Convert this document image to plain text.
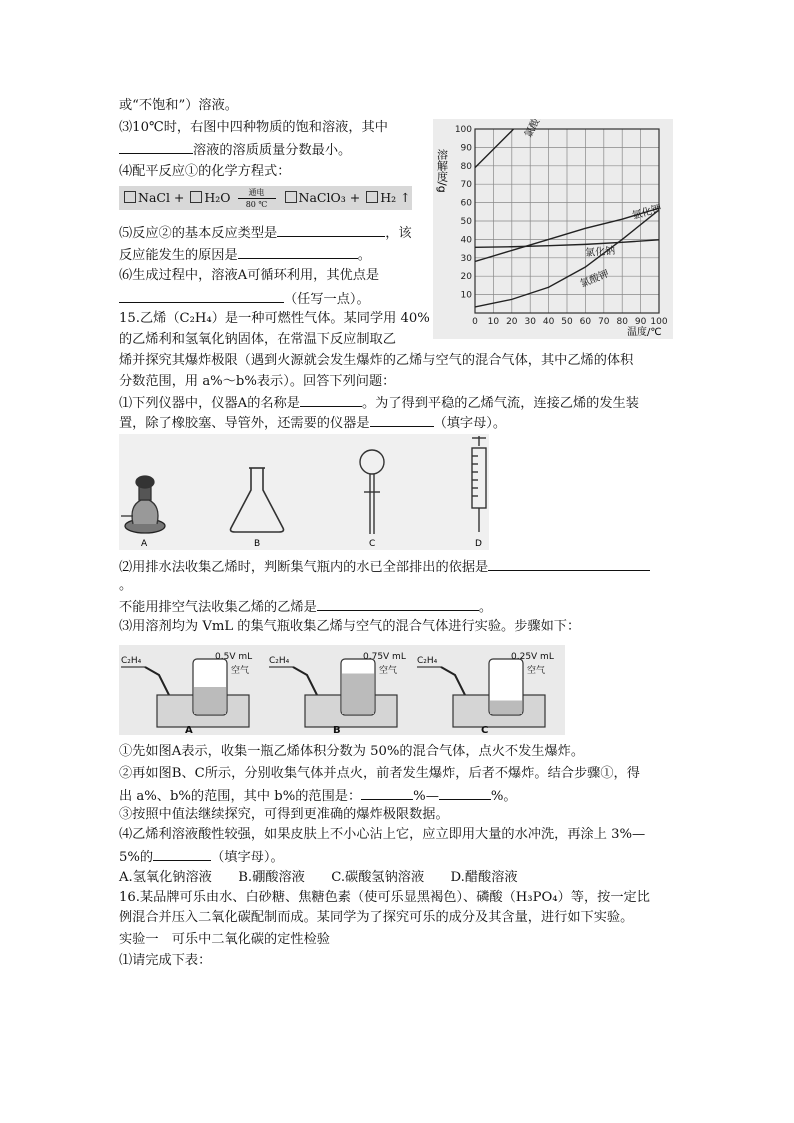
或“不饱和”）溶液。
⑶10℃时，右图中四种物质的饱和溶液，其中
溶液的溶质质量分数最小。
⑷配平反应①的化学方程式：
NaCl + H₂O 通电
80 ℃ NaClO₃ + H₂ ↑
⑸反应②的基本反应类型是	，该
反应能发生的原因是	。
⑹生成过程中，溶液A可循环利用，其优点是
（任写一点）。
15.乙烯（C₂H₄）是一种可燃性气体。某同学用 40%
的乙烯利和氢氧化钠固体，在常温下反应制取乙
烯并探究其爆炸极限（遇到火源就会发生爆炸的乙烯与空气的混合气体，其中乙烯的体积
分数范围，用 a%～b%表示）。回答下列问题：
⑴下列仪器中，仪器A的名称是	。为了得到平稳的乙烯气流，连接乙烯的发生装
置，除了橡胶塞、导管外，还需要的仪器是	（填字母）。
氯酸钠
氯化钾
氯化钠
氯酸钾
0 10 20 30 40 50 60 70 80 90 100
10
20
30
40
50
60
70
80
90
100
溶解度/g
温度/℃
A	B	C	D
⑵用排水法收集乙烯时，判断集气瓶内的水已全部排出的依据是
。
不能用排空气法收集乙烯的乙烯是	。
⑶用溶剂均为 VmL 的集气瓶收集乙烯与空气的混合气体进行实验。步骤如下：
C₂H₄	0.5V mL
空气
A
C₂H₄	0.75V mL
空气
B
C₂H₄	0.25V mL
空气
C
①先如图A表示，收集一瓶乙烯体积分数为 50%的混合气体，点火不发生爆炸。
②再如图B、C所示，分别收集气体并点火，前者发生爆炸，后者不爆炸。结合步骤①，得
出 a%、b%的范围，其中 b%的范围是：	%—	%。
③按照中值法继续探究，可得到更准确的爆炸极限数据。
⑷乙烯利溶液酸性较强，如果皮肤上不小心沾上它，应立即用大量的水冲洗，再涂上 3%—
5%的	（填字母）。
A.氢氧化钠溶液　　B.硼酸溶液　　C.碳酸氢钠溶液　　D.醋酸溶液
16.某品牌可乐由水、白砂糖、焦糖色素（使可乐显黑褐色）、磷酸（H₃PO₄）等，按一定比
例混合并压入二氧化碳配制而成。某同学为了探究可乐的成分及其含量，进行如下实验。
实验一　可乐中二氧化碳的定性检验
⑴请完成下表：
